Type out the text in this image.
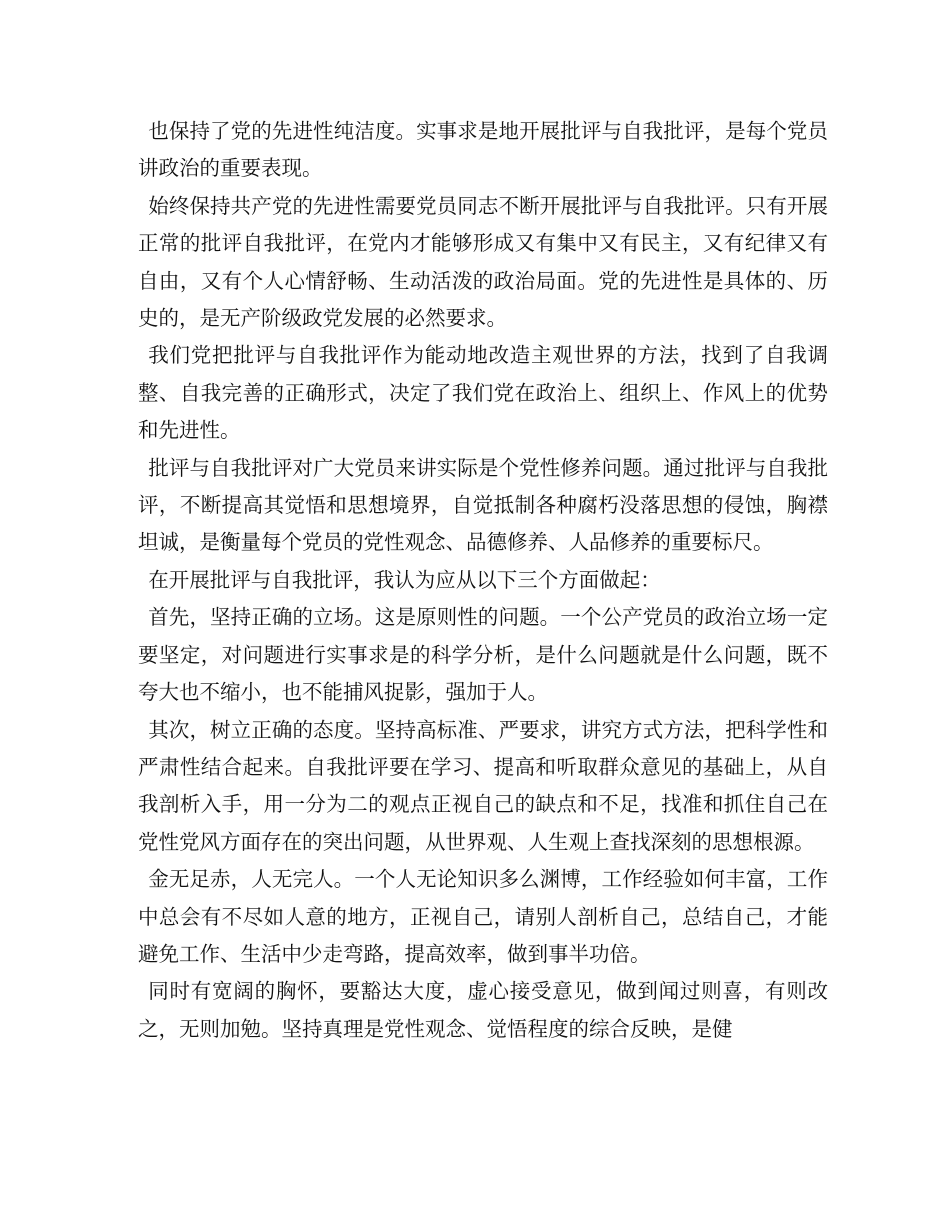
也保持了党的先进性纯洁度。实事求是地开展批评与自我批评，是每个党员讲政治的重要表现。

始终保持共产党的先进性需要党员同志不断开展批评与自我批评。只有开展正常的批评自我批评，在党内才能够形成又有集中又有民主，又有纪律又有自由，又有个人心情舒畅、生动活泼的政治局面。党的先进性是具体的、历史的，是无产阶级政党发展的必然要求。

我们党把批评与自我批评作为能动地改造主观世界的方法，找到了自我调整、自我完善的正确形式，决定了我们党在政治上、组织上、作风上的优势和先进性。

批评与自我批评对广大党员来讲实际是个党性修养问题。通过批评与自我批评，不断提高其觉悟和思想境界，自觉抵制各种腐朽没落思想的侵蚀，胸襟坦诚，是衡量每个党员的党性观念、品德修养、人品修养的重要标尺。

在开展批评与自我批评，我认为应从以下三个方面做起：

首先，坚持正确的立场。这是原则性的问题。一个公产党员的政治立场一定要坚定，对问题进行实事求是的科学分析，是什么问题就是什么问题，既不夸大也不缩小，也不能捕风捉影，强加于人。

其次，树立正确的态度。坚持高标准、严要求，讲究方式方法，把科学性和严肃性结合起来。自我批评要在学习、提高和听取群众意见的基础上，从自我剖析入手，用一分为二的观点正视自己的缺点和不足，找准和抓住自己在党性党风方面存在的突出问题，从世界观、人生观上查找深刻的思想根源。

金无足赤，人无完人。一个人无论知识多么渊博，工作经验如何丰富，工作中总会有不尽如人意的地方，正视自己，请别人剖析自己，总结自己，才能避免工作、生活中少走弯路，提高效率，做到事半功倍。

同时有宽阔的胸怀，要豁达大度，虚心接受意见，做到闻过则喜，有则改之，无则加勉。坚持真理是党性观念、觉悟程度的综合反映，是健
